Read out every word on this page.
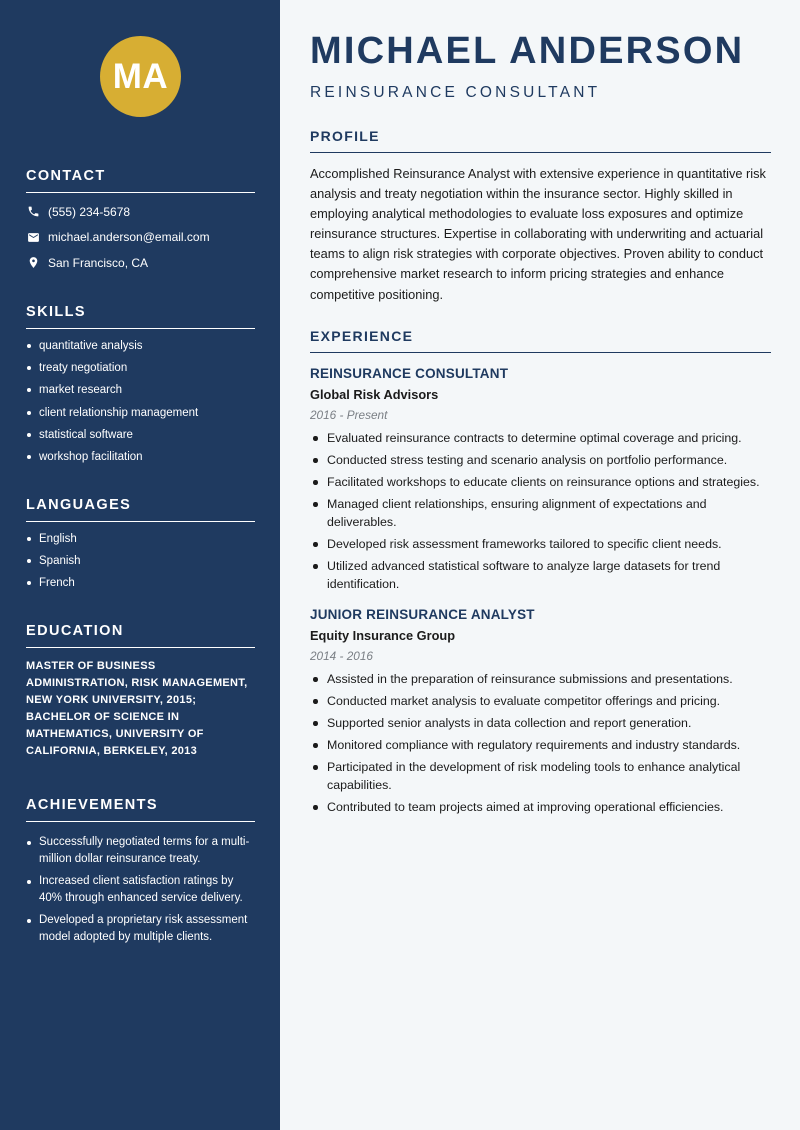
MA
CONTACT
(555) 234-5678
michael.anderson@email.com
San Francisco, CA
SKILLS
quantitative analysis
treaty negotiation
market research
client relationship management
statistical software
workshop facilitation
LANGUAGES
English
Spanish
French
EDUCATION
MASTER OF BUSINESS ADMINISTRATION, RISK MANAGEMENT, NEW YORK UNIVERSITY, 2015; BACHELOR OF SCIENCE IN MATHEMATICS, UNIVERSITY OF CALIFORNIA, BERKELEY, 2013
ACHIEVEMENTS
Successfully negotiated terms for a multi-million dollar reinsurance treaty.
Increased client satisfaction ratings by 40% through enhanced service delivery.
Developed a proprietary risk assessment model adopted by multiple clients.
MICHAEL ANDERSON
REINSURANCE CONSULTANT
PROFILE
Accomplished Reinsurance Analyst with extensive experience in quantitative risk analysis and treaty negotiation within the insurance sector. Highly skilled in employing analytical methodologies to evaluate loss exposures and optimize reinsurance structures. Expertise in collaborating with underwriting and actuarial teams to align risk strategies with corporate objectives. Proven ability to conduct comprehensive market research to inform pricing strategies and enhance competitive positioning.
EXPERIENCE
REINSURANCE CONSULTANT
Global Risk Advisors
2016 - Present
Evaluated reinsurance contracts to determine optimal coverage and pricing.
Conducted stress testing and scenario analysis on portfolio performance.
Facilitated workshops to educate clients on reinsurance options and strategies.
Managed client relationships, ensuring alignment of expectations and deliverables.
Developed risk assessment frameworks tailored to specific client needs.
Utilized advanced statistical software to analyze large datasets for trend identification.
JUNIOR REINSURANCE ANALYST
Equity Insurance Group
2014 - 2016
Assisted in the preparation of reinsurance submissions and presentations.
Conducted market analysis to evaluate competitor offerings and pricing.
Supported senior analysts in data collection and report generation.
Monitored compliance with regulatory requirements and industry standards.
Participated in the development of risk modeling tools to enhance analytical capabilities.
Contributed to team projects aimed at improving operational efficiencies.
